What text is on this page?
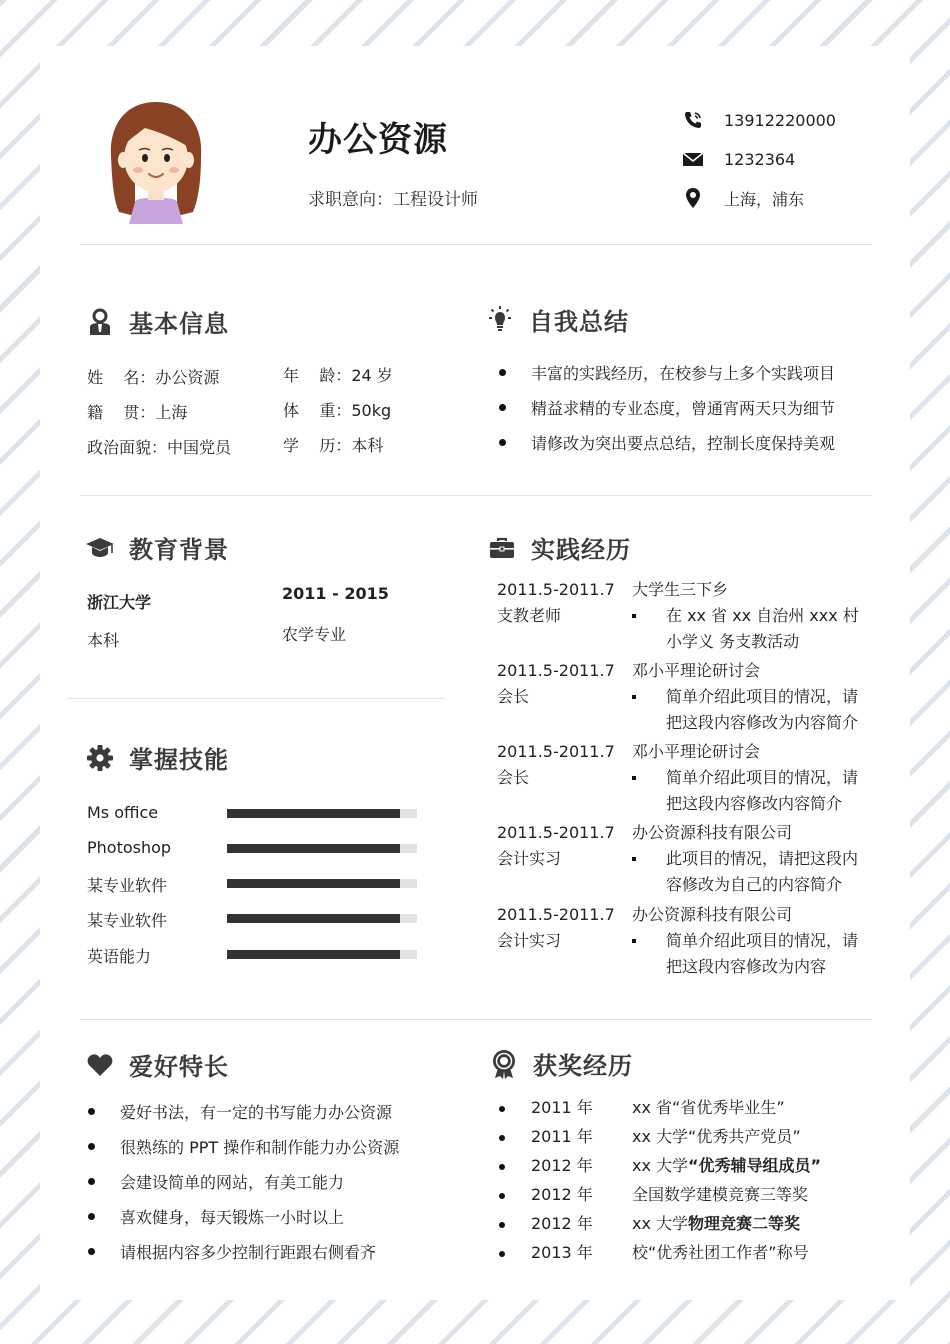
办公资源
求职意向：工程设计师
13912220000
1232364
上海，浦东
基本信息
姓    名：办公资源
籍    贯：上海
政治面貌：中国党员
年    龄：24 岁
体    重：50kg
学    历：本科
自我总结
丰富的实践经历，在校参与上多个实践项目
精益求精的专业态度，曾通宵两天只为细节
请修改为突出要点总结，控制长度保持美观
教育背景
浙江大学	2011 - 2015
本科	农学专业
实践经历
2011.5-2011.7
支教老师
大学生三下乡
在 xx 省 xx 自治州 xxx 村小学义 务支教活动
2011.5-2011.7
会长
邓小平理论研讨会
简单介绍此项目的情况，请把这段内容修改为内容简介
2011.5-2011.7
会长
邓小平理论研讨会
简单介绍此项目的情况，请把这段内容修改内容简介
2011.5-2011.7
会计实习
办公资源科技有限公司
此项目的情况，请把这段内容修改为自己的内容简介
2011.5-2011.7
会计实习
办公资源科技有限公司
简单介绍此项目的情况，请把这段内容修改为内容
掌握技能
Ms office
Photoshop
某专业软件
某专业软件
英语能力
爱好特长
爱好书法，有一定的书写能力办公资源
很熟练的 PPT 操作和制作能力办公资源
会建设简单的网站，有美工能力
喜欢健身，每天锻炼一小时以上
请根据内容多少控制行距跟右侧看齐
获奖经历
2011 年 xx 省“省优秀毕业生”
2011 年 xx 大学“优秀共产党员”
2012 年 xx 大学“优秀辅导组成员”
2012 年 全国数学建模竞赛三等奖
2012 年 xx 大学物理竞赛二等奖
2013 年 校“优秀社团工作者”称号
